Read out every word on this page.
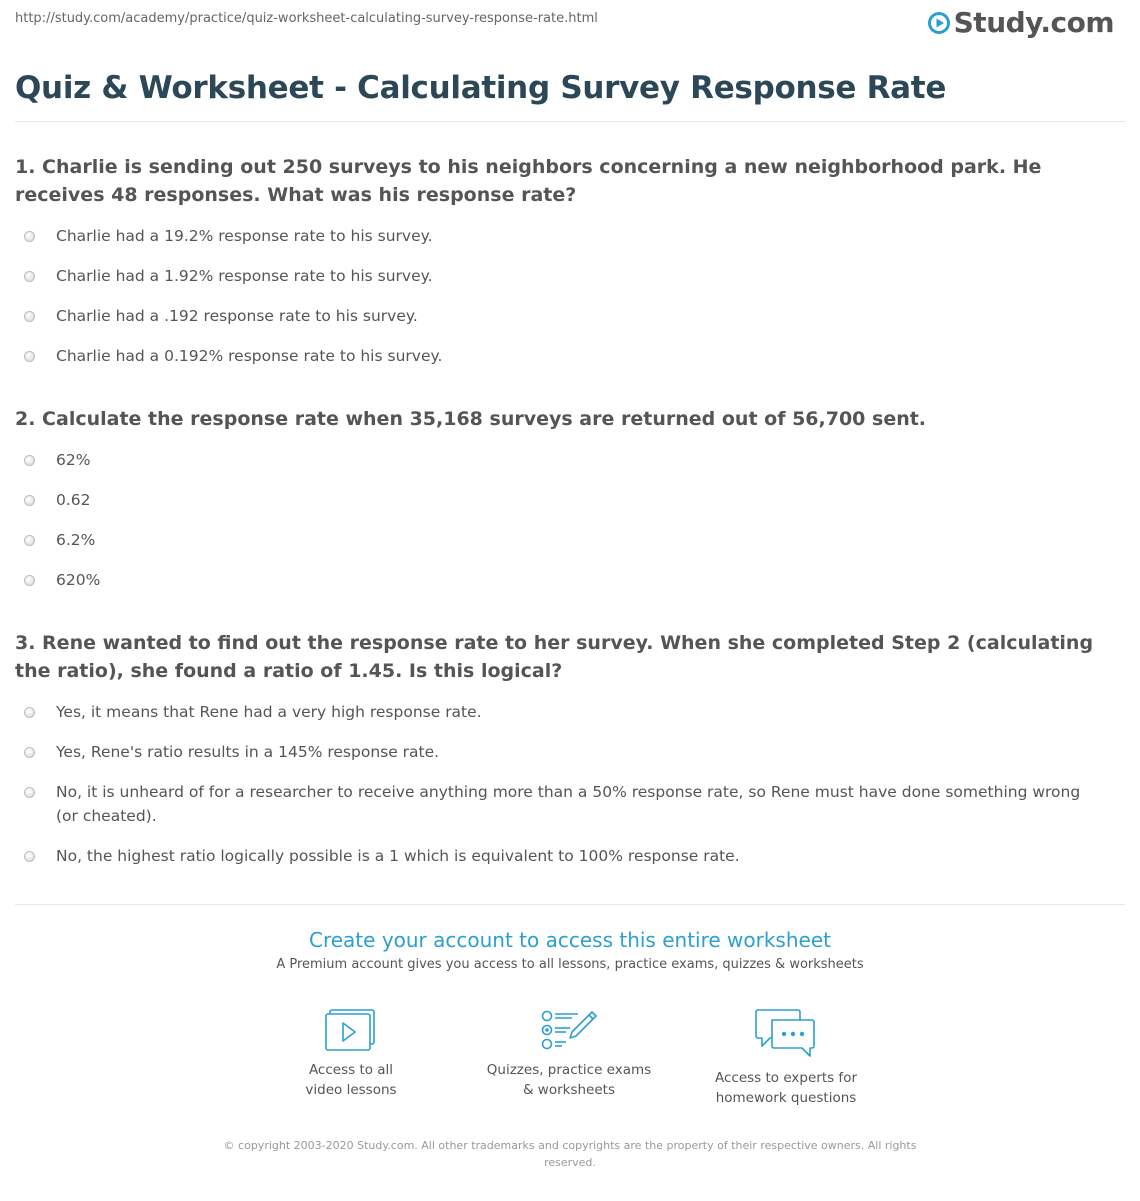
http://study.com/academy/practice/quiz-worksheet-calculating-survey-response-rate.html	Study.com
Quiz & Worksheet - Calculating Survey Response Rate
1. Charlie is sending out 250 surveys to his neighbors concerning a new neighborhood park. He receives 48 responses. What was his response rate?
Charlie had a 19.2% response rate to his survey.
Charlie had a 1.92% response rate to his survey.
Charlie had a .192 response rate to his survey.
Charlie had a 0.192% response rate to his survey.
2. Calculate the response rate when 35,168 surveys are returned out of 56,700 sent.
62%
0.62
6.2%
620%
3. Rene wanted to find out the response rate to her survey. When she completed Step 2 (calculating the ratio), she found a ratio of 1.45. Is this logical?
Yes, it means that Rene had a very high response rate.
Yes, Rene's ratio results in a 145% response rate.
No, it is unheard of for a researcher to receive anything more than a 50% response rate, so Rene must have done something wrong (or cheated).
No, the highest ratio logically possible is a 1 which is equivalent to 100% response rate.
Create your account to access this entire worksheet
A Premium account gives you access to all lessons, practice exams, quizzes & worksheets
Access to all
video lessons
Quizzes, practice exams
& worksheets
Access to experts for
homework questions
© copyright 2003-2020 Study.com. All other trademarks and copyrights are the property of their respective owners. All rights
reserved.
